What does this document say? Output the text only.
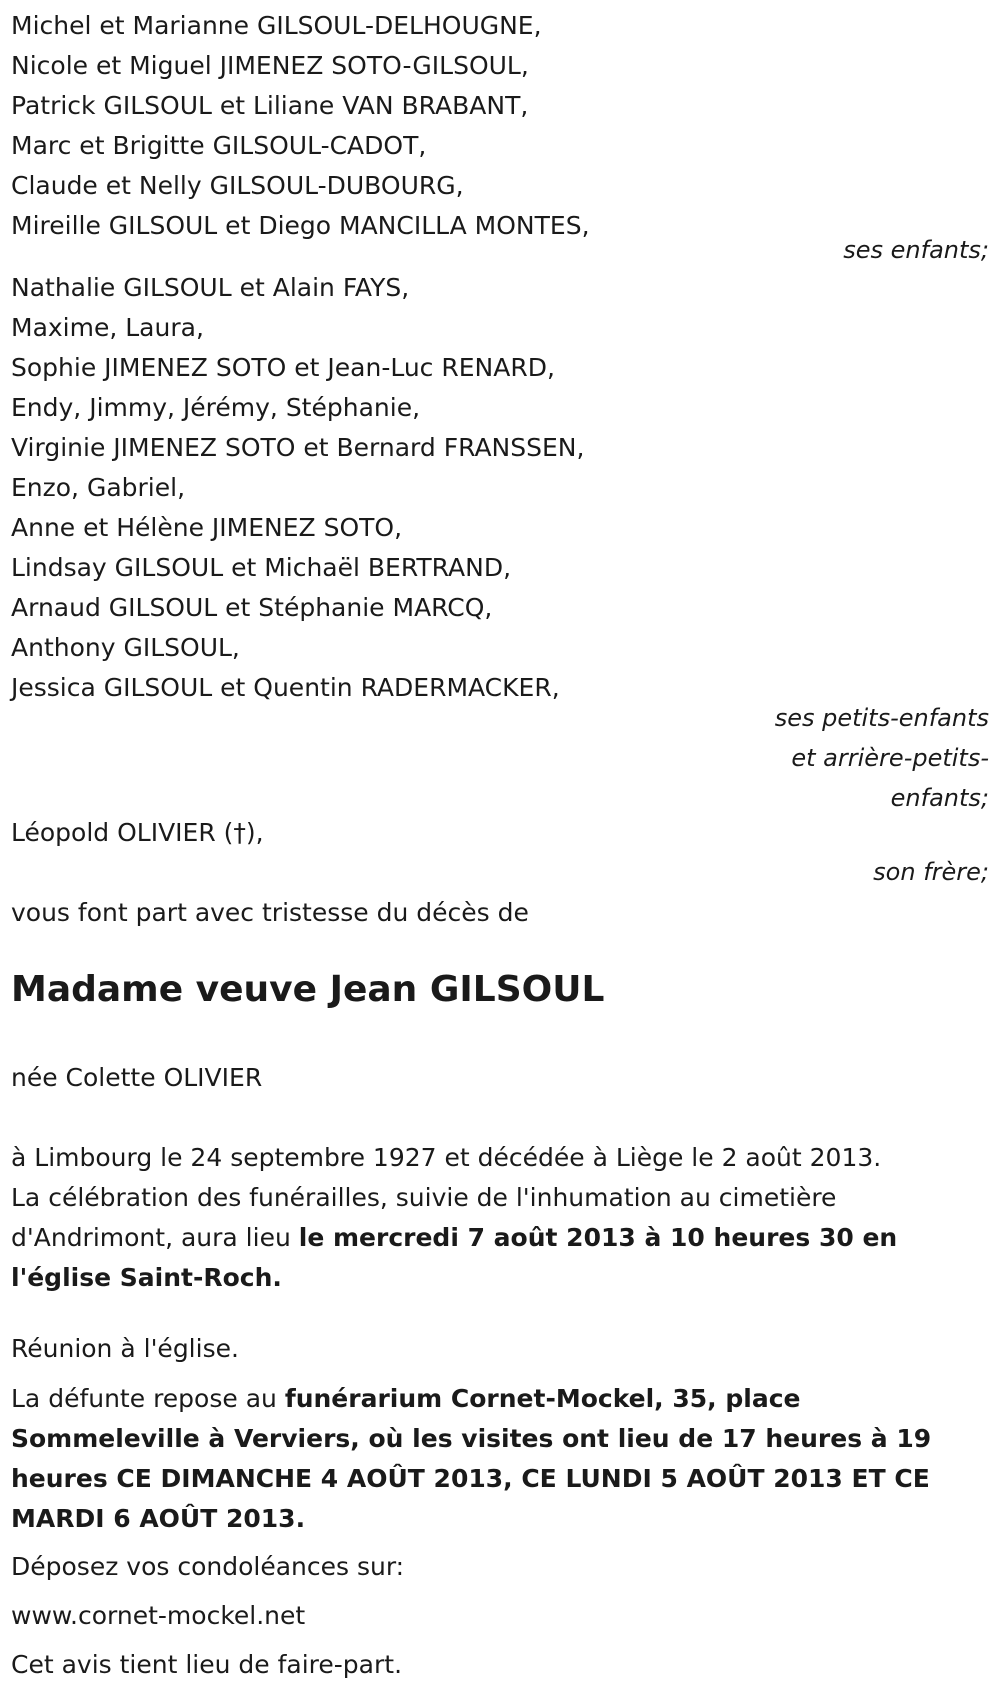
Michel et Marianne GILSOUL-DELHOUGNE,
Nicole et Miguel JIMENEZ SOTO-GILSOUL,
Patrick GILSOUL et Liliane VAN BRABANT,
Marc et Brigitte GILSOUL-CADOT,
Claude et Nelly GILSOUL-DUBOURG,
Mireille GILSOUL et Diego MANCILLA MONTES,
ses enfants;
Nathalie GILSOUL et Alain FAYS,
Maxime, Laura,
Sophie JIMENEZ SOTO et Jean-Luc RENARD,
Endy, Jimmy, Jérémy, Stéphanie,
Virginie JIMENEZ SOTO et Bernard FRANSSEN,
Enzo, Gabriel,
Anne et Hélène JIMENEZ SOTO,
Lindsay GILSOUL et Michaël BERTRAND,
Arnaud GILSOUL et Stéphanie MARCQ,
Anthony GILSOUL,
Jessica GILSOUL et Quentin RADERMACKER,
ses petits-enfants
et arrière-petits-
enfants;
Léopold OLIVIER (†),
son frère;
vous font part avec tristesse du décès de
Madame veuve Jean GILSOUL
née Colette OLIVIER

à Limbourg le 24 septembre 1927 et décédée à Liège le 2 août 2013.

La célébration des funérailles, suivie de l'inhumation au cimetière d'Andrimont, aura lieu le mercredi 7 août 2013 à 10 heures 30 en l'église Saint-Roch.

Réunion à l'église.

La défunte repose au funérarium Cornet-Mockel, 35, place Sommeleville à Verviers, où les visites ont lieu de 17 heures à 19 heures CE DIMANCHE 4 AOÛT 2013, CE LUNDI 5 AOÛT 2013 ET CE MARDI 6 AOÛT 2013.

Déposez vos condoléances sur:

www.cornet-mockel.net

Cet avis tient lieu de faire-part.
